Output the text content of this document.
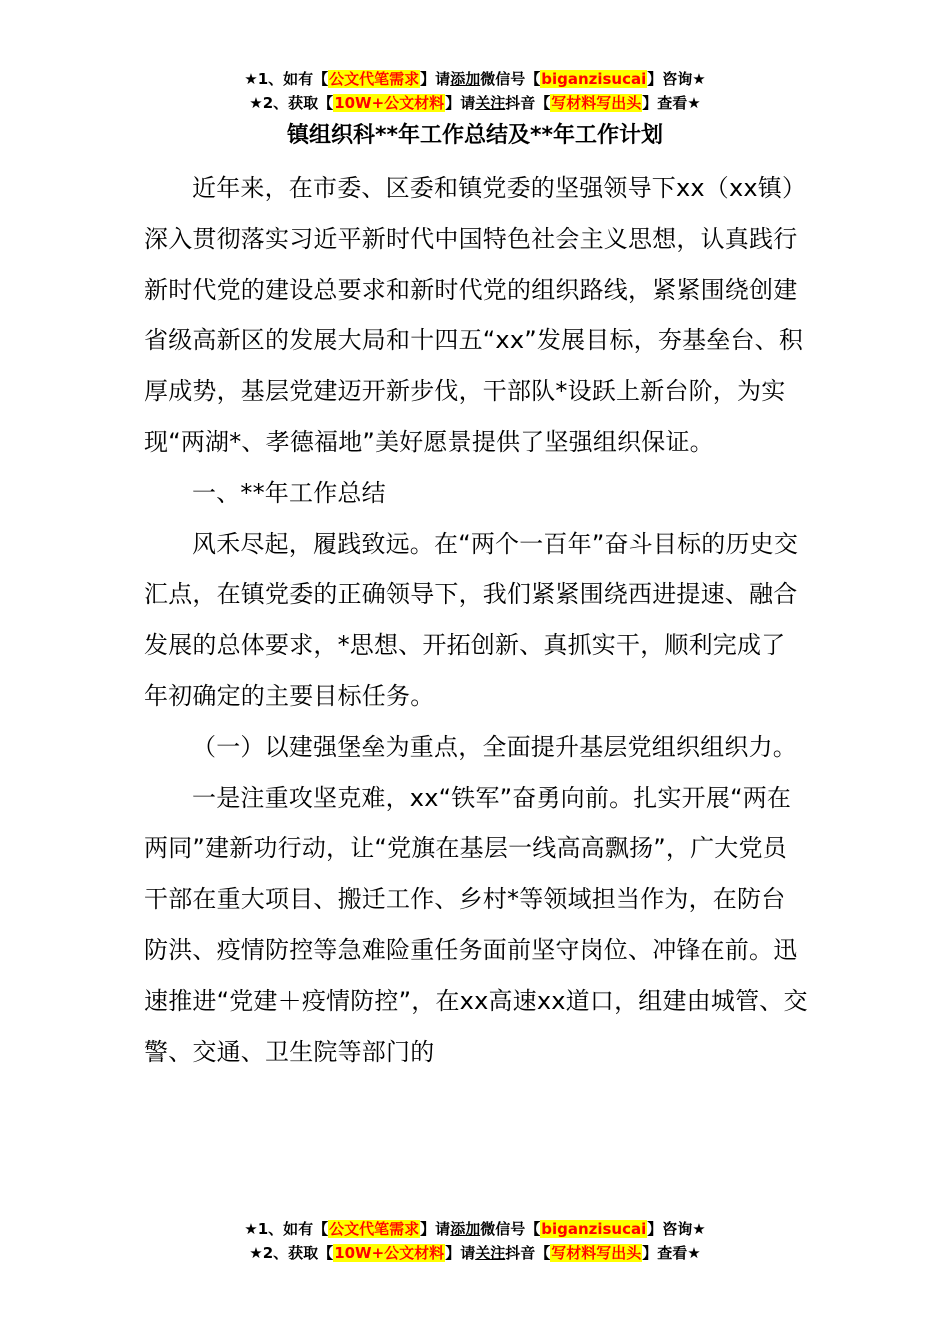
★1、如有【公文代笔需求】请添加微信号【biganzisucai】咨询★
★2、获取【10W+公文材料】请关注抖音【写材料写出头】查看★
镇组织科**年工作总结及**年工作计划

近年来，在市委、区委和镇党委的坚强领导下xx（xx镇）深入贯彻落实习近平新时代中国特色社会主义思想，认真践行新时代党的建设总要求和新时代党的组织路线，紧紧围绕创建省级高新区的发展大局和十四五“xx”发展目标，夯基垒台、积厚成势，基层党建迈开新步伐，干部队*设跃上新台阶，为实现“两湖*、孝德福地”美好愿景提供了坚强组织保证。

一、**年工作总结

风禾尽起，履践致远。在“两个一百年”奋斗目标的历史交汇点，在镇党委的正确领导下，我们紧紧围绕西进提速、融合发展的总体要求，*思想、开拓创新、真抓实干，顺利完成了年初确定的主要目标任务。

（一）以建强堡垒为重点，全面提升基层党组织组织力。

一是注重攻坚克难，xx“铁军”奋勇向前。扎实开展“两在两同”建新功行动，让“党旗在基层一线高高飘扬”，广大党员干部在重大项目、搬迁工作、乡村*等领域担当作为，在防台防洪、疫情防控等急难险重任务面前坚守岗位、冲锋在前。迅速推进“党建＋疫情防控”，在xx高速xx道口，组建由城管、交警、交通、卫生院等部门的

★1、如有【公文代笔需求】请添加微信号【biganzisucai】咨询★
★2、获取【10W+公文材料】请关注抖音【写材料写出头】查看★
